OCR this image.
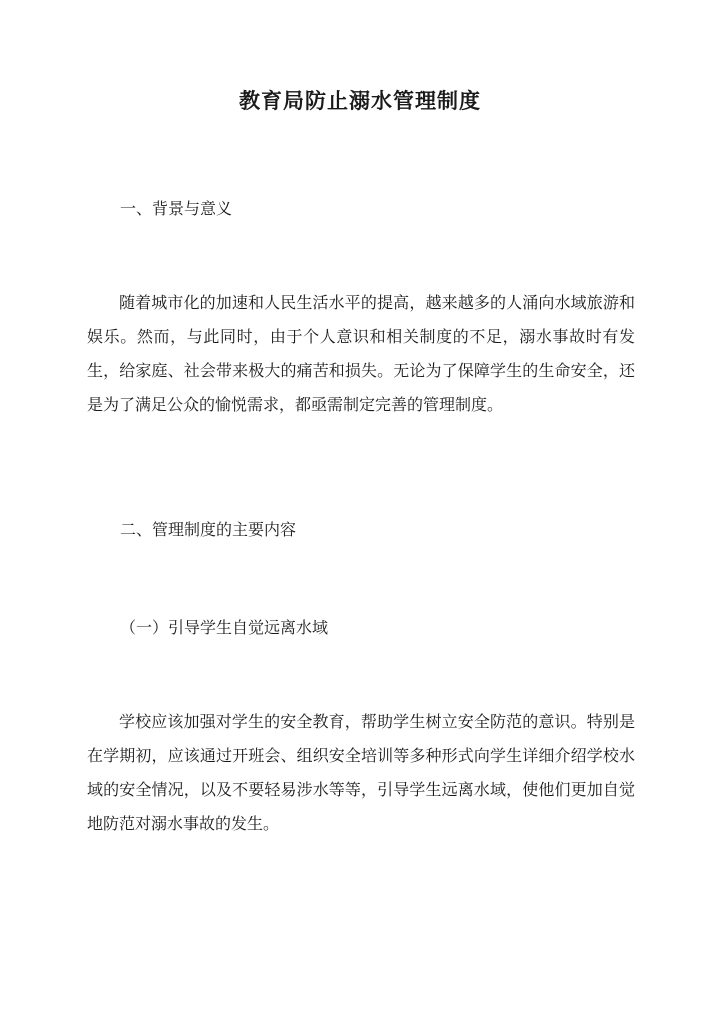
教育局防止溺水管理制度
一、背景与意义
随着城市化的加速和人民生活水平的提高，越来越多的人涌向水域旅游和娱乐。然而，与此同时，由于个人意识和相关制度的不足，溺水事故时有发生，给家庭、社会带来极大的痛苦和损失。无论为了保障学生的生命安全，还是为了满足公众的愉悦需求，都亟需制定完善的管理制度。
二、管理制度的主要内容
（一）引导学生自觉远离水域
学校应该加强对学生的安全教育，帮助学生树立安全防范的意识。特别是在学期初，应该通过开班会、组织安全培训等多种形式向学生详细介绍学校水域的安全情况，以及不要轻易涉水等等，引导学生远离水域，使他们更加自觉地防范对溺水事故的发生。
